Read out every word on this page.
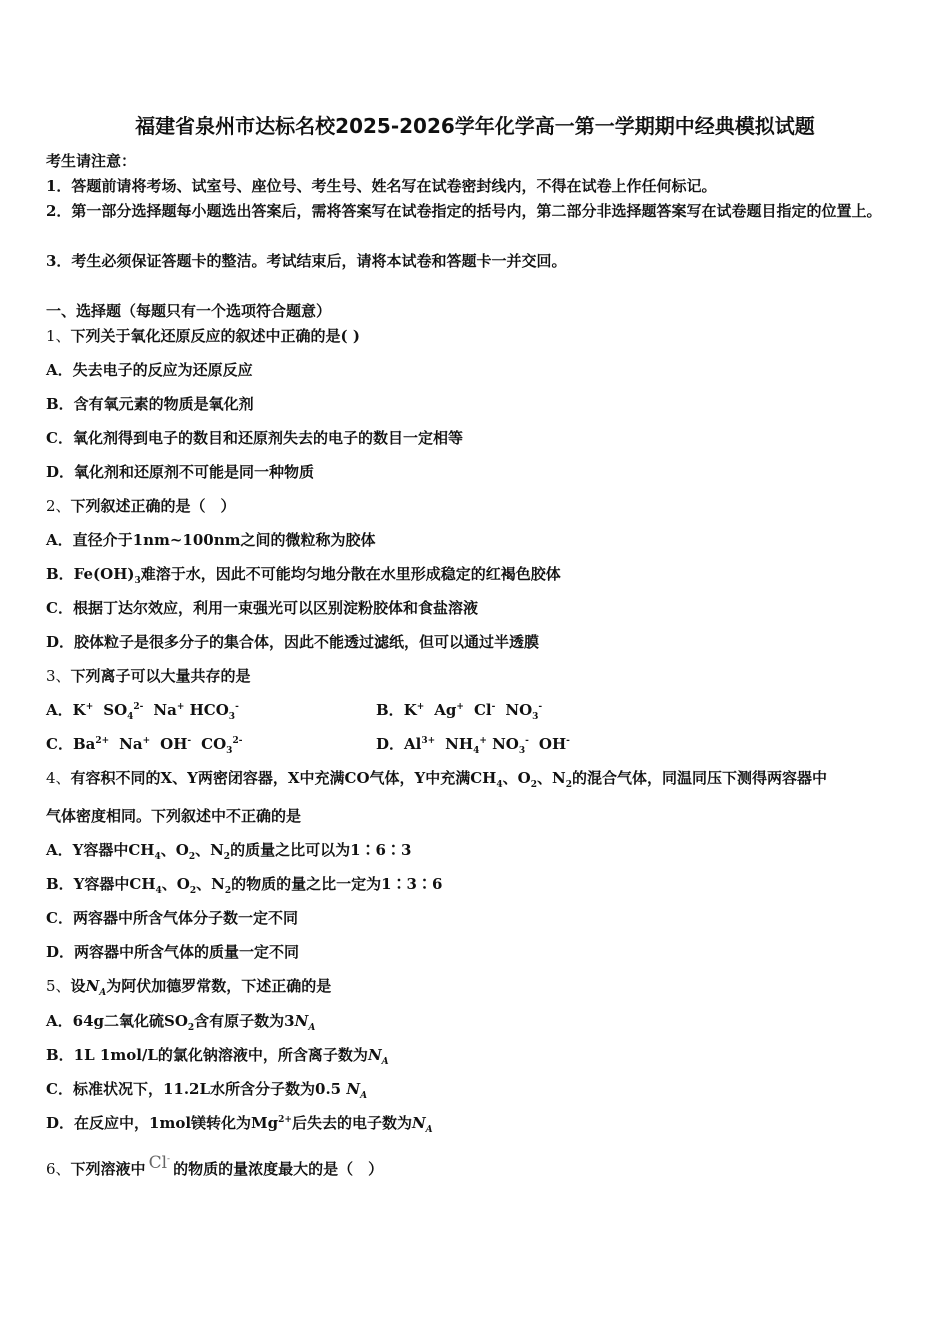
福建省泉州市达标名校2025-2026学年化学高一第一学期期中经典模拟试题
考生请注意：
1．答题前请将考场、试室号、座位号、考生号、姓名写在试卷密封线内，不得在试卷上作任何标记。
2．第一部分选择题每小题选出答案后，需将答案写在试卷指定的括号内，第二部分非选择题答案写在试卷题目指定的位置上。
3．考生必须保证答题卡的整洁。考试结束后，请将本试卷和答题卡一并交回。
一、选择题（每题只有一个选项符合题意）
1、下列关于氧化还原反应的叙述中正确的是( )
A．失去电子的反应为还原反应
B．含有氧元素的物质是氧化剂
C．氧化剂得到电子的数目和还原剂失去的电子的数目一定相等
D．氧化剂和还原剂不可能是同一种物质
2、下列叙述正确的是（　）
A．直径介于1nm~100nm之间的微粒称为胶体
B．$Fe(OH)_3$难溶于水，因此不可能均匀地分散在水里形成稳定的红褐色胶体
C．根据丁达尔效应，利用一束强光可以区别淀粉胶体和食盐溶液
D．胶体粒子是很多分子的集合体，因此不能透过滤纸，但可以通过半透膜
3、下列离子可以大量共存的是
A．K+ $SO_4^{2-}$ Na+ $HCO_3^-$	B．K+ Ag+ Cl- $NO_3^-$
C．$Ba^{2+}$ Na+ OH- $CO_3^{2-}$	D．$Al^{3+}$ $NH_4^+$ $NO_3^-$ OH-
4、有容积不同的X、Y两密闭容器，X中充满CO气体，Y中充满$CH_4$、$O_2$、$N_2$的混合气体，同温同压下测得两容器中
气体密度相同。下列叙述中不正确的是
A．Y容器中$CH_4$、$O_2$、$N_2$的质量之比可以为1∶6∶3
B．Y容器中$CH_4$、$O_2$、$N_2$的物质的量之比一定为1∶3∶6
C．两容器中所含气体分子数一定不同
D．两容器中所含气体的质量一定不同
5、设$N_A$为阿伏加德罗常数，下述正确的是
A．64g二氧化硫$SO_2$含有原子数为$3N_A$
B．1L 1mol/L的氯化钠溶液中，所含离子数为$N_A$
C．标准状况下，11.2L水所含分子数为0.5 $N_A$
D．在反应中，1mol镁转化为$Mg^{2+}$后失去的电子数为$N_A$
6、下列溶液中 Cl-的物质的量浓度最大的是（　）
